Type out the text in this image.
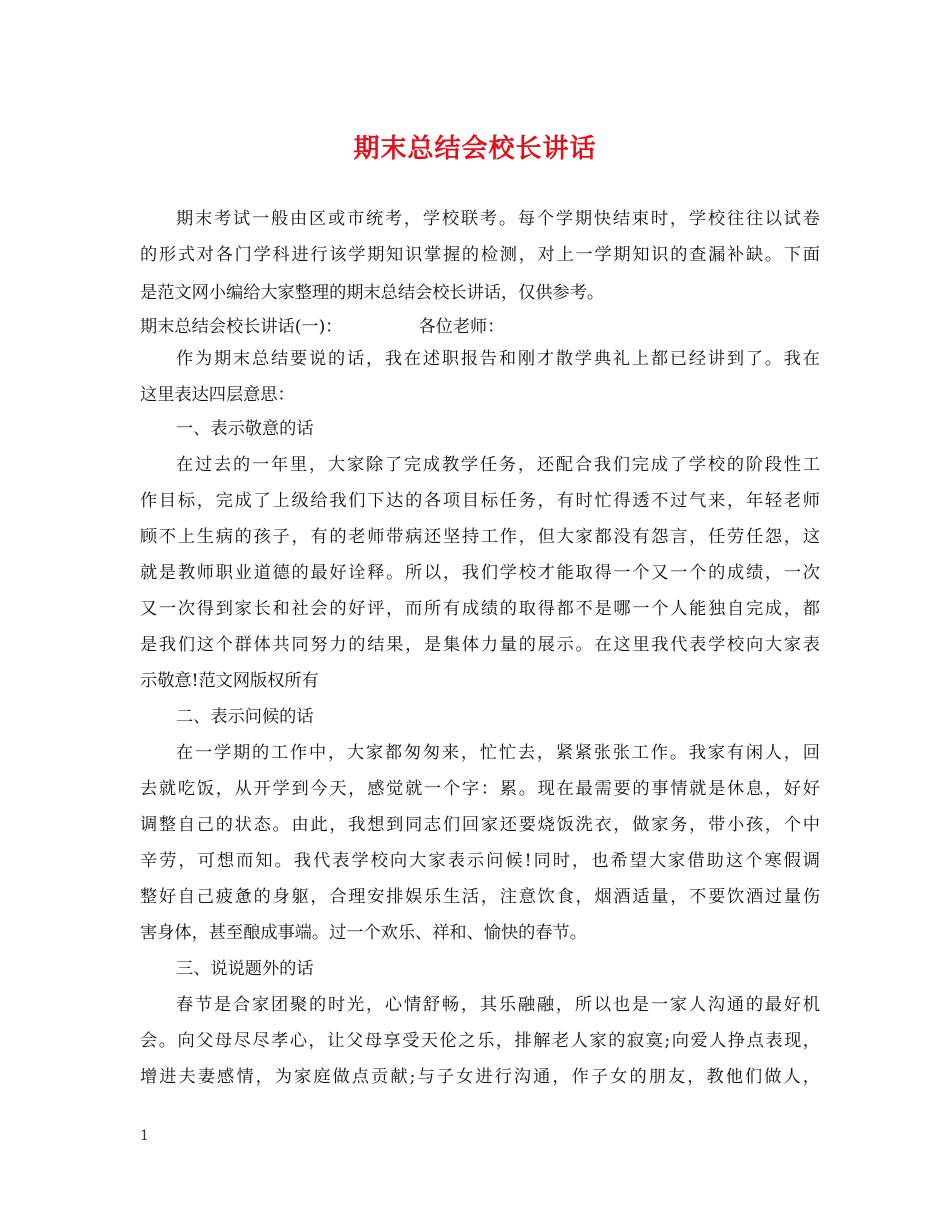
期末总结会校长讲话
期末考试一般由区或市统考，学校联考。每个学期快结束时，学校往往以试卷
的形式对各门学科进行该学期知识掌握的检测，对上一学期知识的查漏补缺。下面
是范文网小编给大家整理的期末总结会校长讲话，仅供参考。
期末总结会校长讲话(一)：	各位老师：
作为期末总结要说的话，我在述职报告和刚才散学典礼上都已经讲到了。我在
这里表达四层意思：
一、表示敬意的话
在过去的一年里，大家除了完成教学任务，还配合我们完成了学校的阶段性工
作目标，完成了上级给我们下达的各项目标任务，有时忙得透不过气来，年轻老师
顾不上生病的孩子，有的老师带病还坚持工作，但大家都没有怨言，任劳任怨，这
就是教师职业道德的最好诠释。所以，我们学校才能取得一个又一个的成绩，一次
又一次得到家长和社会的好评，而所有成绩的取得都不是哪一个人能独自完成，都
是我们这个群体共同努力的结果，是集体力量的展示。在这里我代表学校向大家表
示敬意!范文网版权所有
二、表示问候的话
在一学期的工作中，大家都匆匆来，忙忙去，紧紧张张工作。我家有闲人，回
去就吃饭，从开学到今天，感觉就一个字：累。现在最需要的事情就是休息，好好
调整自己的状态。由此，我想到同志们回家还要烧饭洗衣，做家务，带小孩，个中
辛劳，可想而知。我代表学校向大家表示问候!同时，也希望大家借助这个寒假调
整好自己疲惫的身躯，合理安排娱乐生活，注意饮食，烟酒适量，不要饮酒过量伤
害身体，甚至酿成事端。过一个欢乐、祥和、愉快的春节。
三、说说题外的话
春节是合家团聚的时光，心情舒畅，其乐融融，所以也是一家人沟通的最好机
会。向父母尽尽孝心，让父母享受天伦之乐，排解老人家的寂寞;向爱人挣点表现，
增进夫妻感情，为家庭做点贡献;与子女进行沟通，作子女的朋友，教他们做人，
1
